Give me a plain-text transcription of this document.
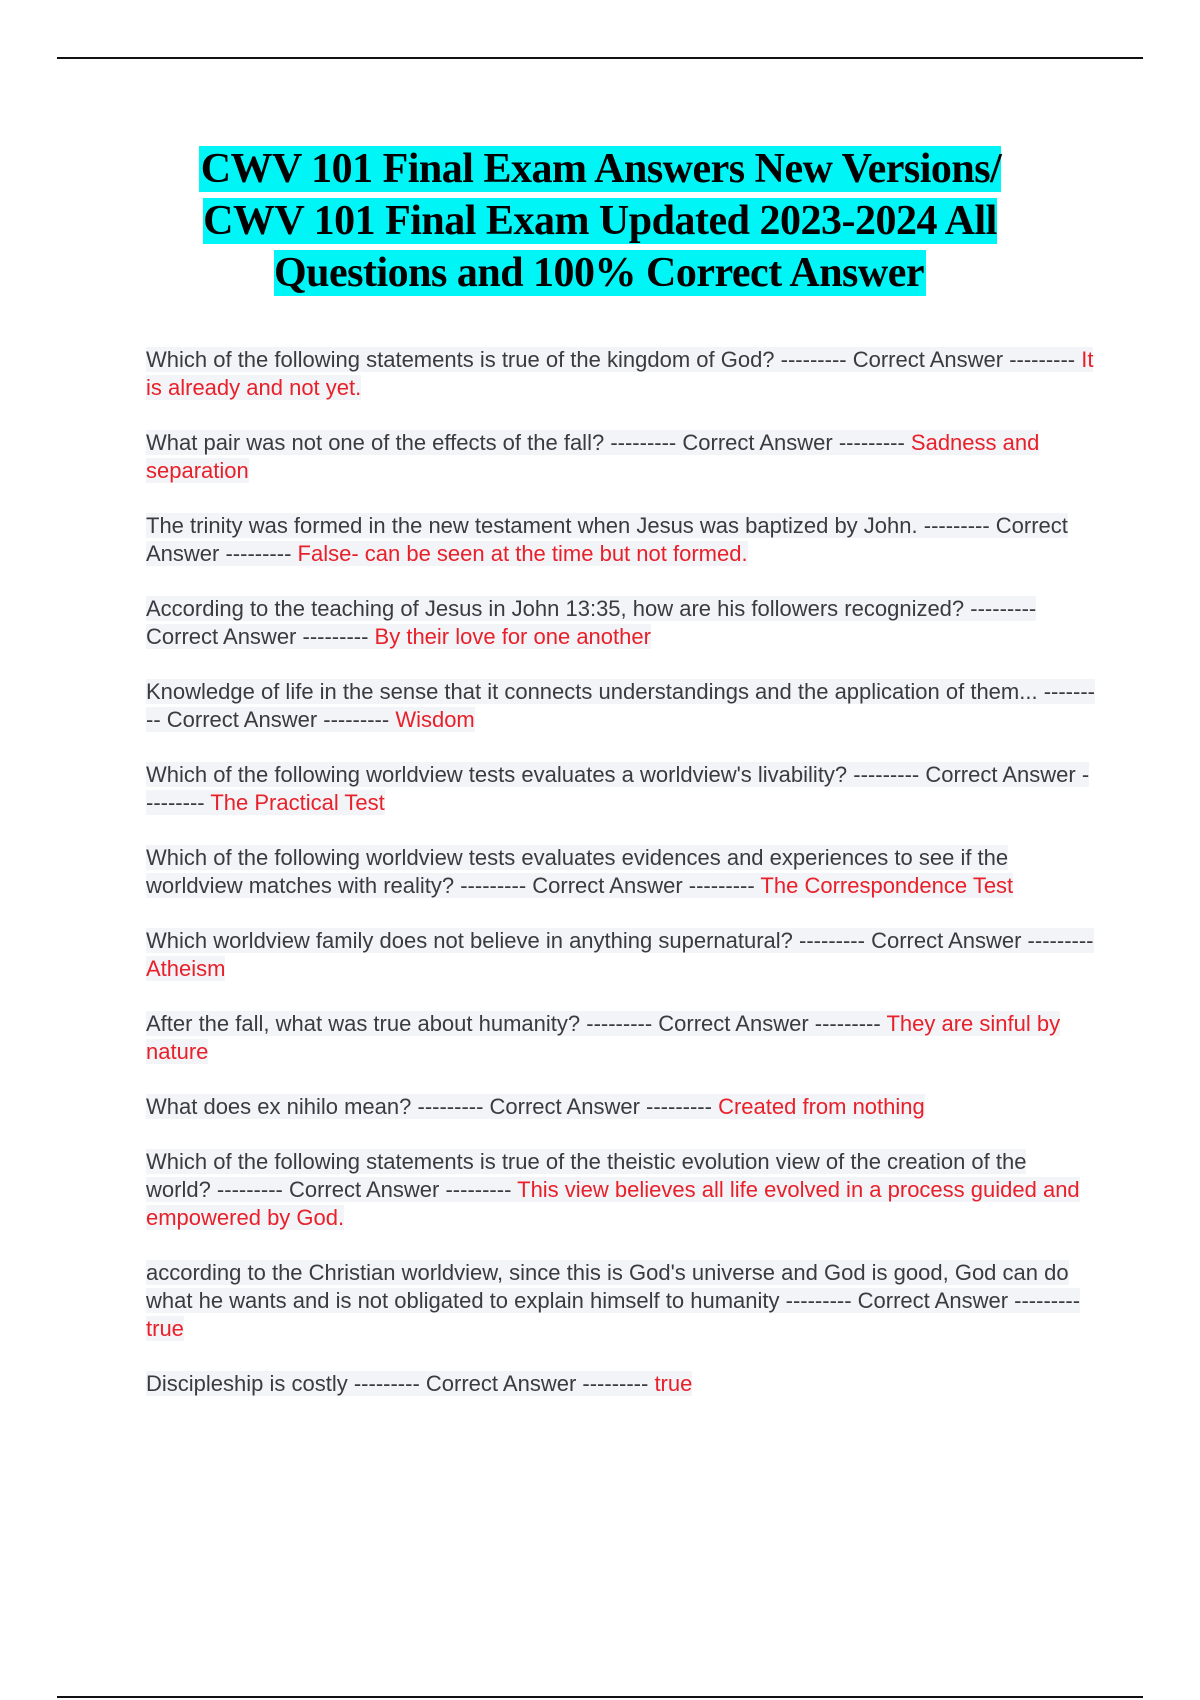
CWV 101 Final Exam Answers New Versions/ CWV 101 Final Exam Updated 2023-2024 All Questions and 100% Correct Answer
Which of the following statements is true of the kingdom of God? --------- Correct Answer --------- It is already and not yet.
What pair was not one of the effects of the fall? --------- Correct Answer --------- Sadness and separation
The trinity was formed in the new testament when Jesus was baptized by John. --------- Correct Answer --------- False- can be seen at the time but not formed.
According to the teaching of Jesus in John 13:35, how are his followers recognized? --------- Correct Answer --------- By their love for one another
Knowledge of life in the sense that it connects understandings and the application of them... --------- Correct Answer --------- Wisdom
Which of the following worldview tests evaluates a worldview's livability? --------- Correct Answer --------- The Practical Test
Which of the following worldview tests evaluates evidences and experiences to see if the worldview matches with reality? --------- Correct Answer --------- The Correspondence Test
Which worldview family does not believe in anything supernatural? --------- Correct Answer --------- Atheism
After the fall, what was true about humanity? --------- Correct Answer --------- They are sinful by nature
What does ex nihilo mean? --------- Correct Answer --------- Created from nothing
Which of the following statements is true of the theistic evolution view of the creation of the world? --------- Correct Answer --------- This view believes all life evolved in a process guided and empowered by God.
according to the Christian worldview, since this is God's universe and God is good, God can do what he wants and is not obligated to explain himself to humanity --------- Correct Answer --------- true
Discipleship is costly --------- Correct Answer --------- true
